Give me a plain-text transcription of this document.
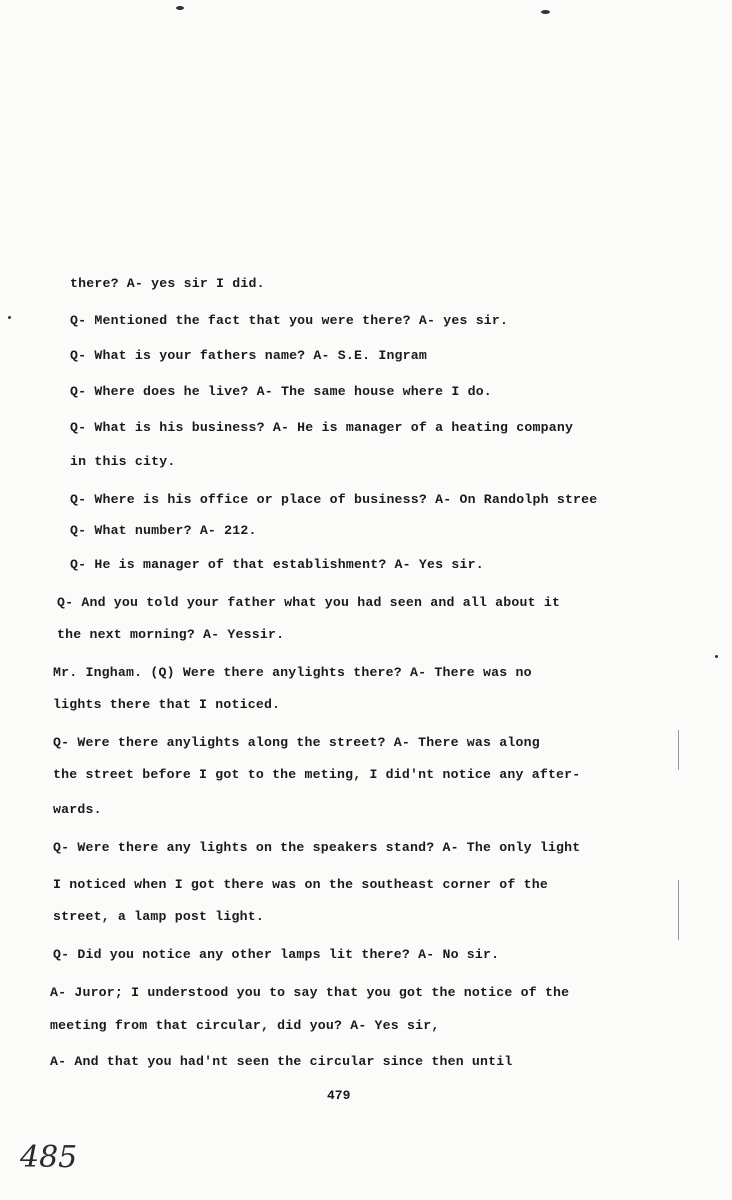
there? A- yes sir I did.
Q- Mentioned the fact that you were there? A- yes sir.
Q- What is your fathers name? A- S.E. Ingram
Q- Where does he live? A- The same house where I do.
Q- What is his business? A- He is manager of a heating company
in this city.
Q- Where is his office or place of business? A- On Randolph stree
Q- What number? A- 212.
Q- He is manager of that establishment? A- Yes sir.
Q- And you told your father what you had seen and all about it
the next morning? A- Yessir.
Mr. Ingham. (Q) Were there anylights there? A- There was no
lights there that I noticed.
Q- Were there anylights along the street? A- There was along
the street before I got to the meting, I did'nt notice any after-
wards.
Q- Were there any lights on the speakers stand? A- The only light
I noticed when I got there was on the southeast corner of the
street, a lamp post light.
Q- Did you notice any other lamps lit there? A- No sir.
A- Juror; I understood you to say that you got the notice of the
meeting from that circular, did you? A- Yes sir,
A- And that you had'nt seen the circular since then until
479
485
